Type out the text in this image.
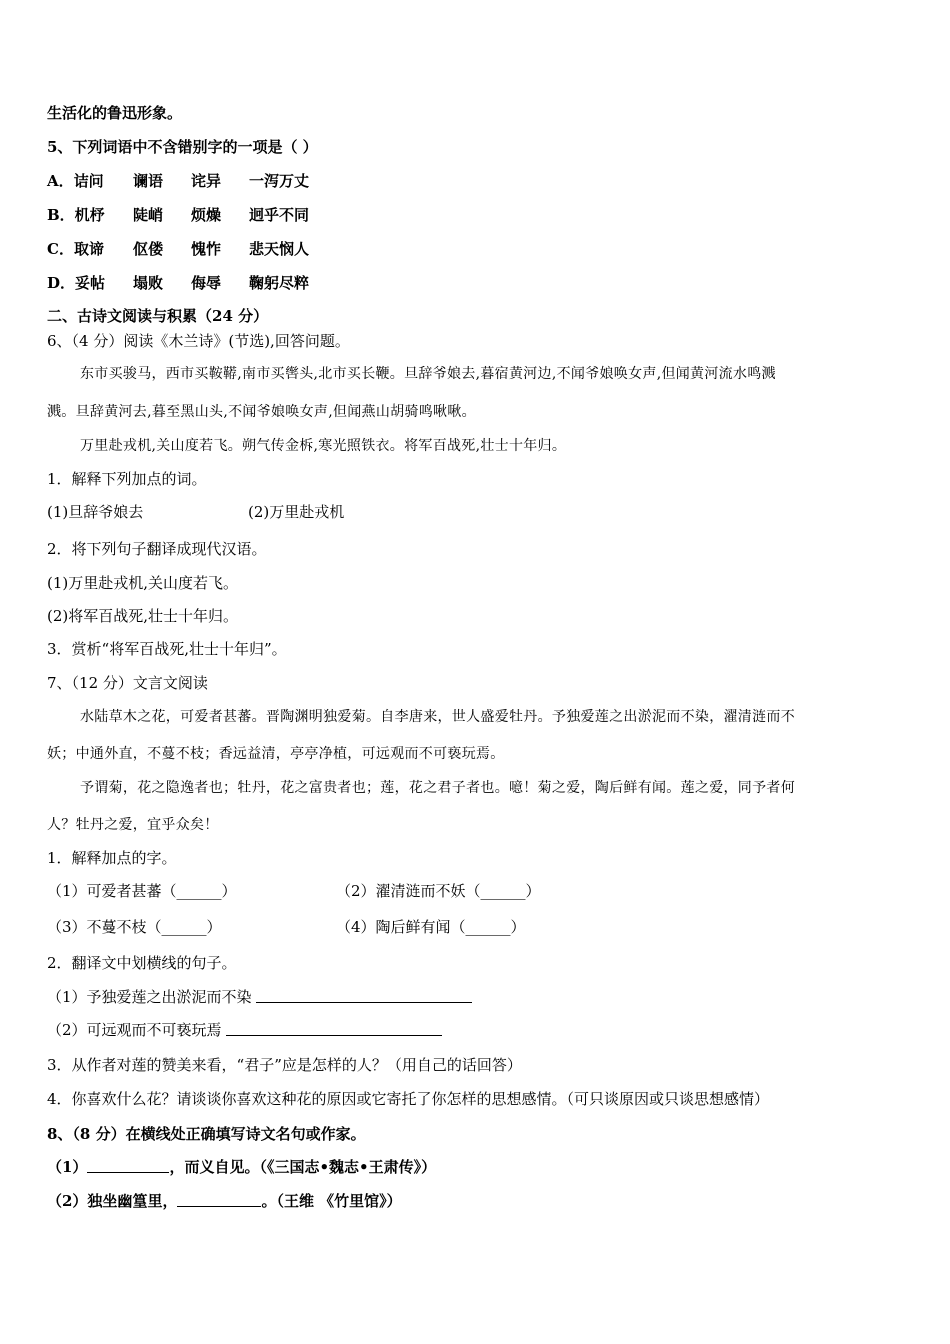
生活化的鲁迅形象。
5、下列词语中不含错别字的一项是（ ）
A．诘问 谰语 诧异 一泻万丈
B．机杼 陡峭 烦燥 迥乎不同
C．取谛 伛偻 愧怍 悲天悯人
D．妥帖 塌败 侮辱 鞠躬尽粹
二、古诗文阅读与积累（24 分）
6、（4 分）阅读《木兰诗》(节选),回答问题。
东市买骏马，西市买鞍鞯,南市买辔头,北市买长鞭。旦辞爷娘去,暮宿黄河边,不闻爷娘唤女声,但闻黄河流水鸣溅
溅。旦辞黄河去,暮至黑山头,不闻爷娘唤女声,但闻燕山胡骑鸣啾啾。
万里赴戎机,关山度若飞。朔气传金柝,寒光照铁衣。将军百战死,壮士十年归。
1．解释下列加点的词。
(1)旦辞爷娘去	(2)万里赴戎机
2．将下列句子翻译成现代汉语。
(1)万里赴戎机,关山度若飞。
(2)将军百战死,壮士十年归。
3．赏析“将军百战死,壮士十年归”。
7、（12 分）文言文阅读
水陆草木之花，可爱者甚蕃。晋陶渊明独爱菊。自李唐来，世人盛爱牡丹。予独爱莲之出淤泥而不染，濯清涟而不
妖；中通外直，不蔓不枝；香远益清，亭亭净植，可远观而不可亵玩焉。
予谓菊，花之隐逸者也；牡丹，花之富贵者也；莲，花之君子者也。噫！菊之爱，陶后鲜有闻。莲之爱，同予者何
人？牡丹之爱，宜乎众矣！
1．解释加点的字。
（1）可爱者甚蕃（______）	（2）濯清涟而不妖（______）
（3）不蔓不枝（______）	（4）陶后鲜有闻（______）
2．翻译文中划横线的句子。
（1）予独爱莲之出淤泥而不染
（2）可远观而不可亵玩焉
3．从作者对莲的赞美来看，“君子”应是怎样的人？（用自己的话回答）
4．你喜欢什么花？请谈谈你喜欢这种花的原因或它寄托了你怎样的思想感情。（可只谈原因或只谈思想感情）
8、（8 分）在横线处正确填写诗文名句或作家。
（1）	，而义自见。（《三国志•魏志•王肃传》）
（2）独坐幽篁里，	。（王维 《竹里馆》）
